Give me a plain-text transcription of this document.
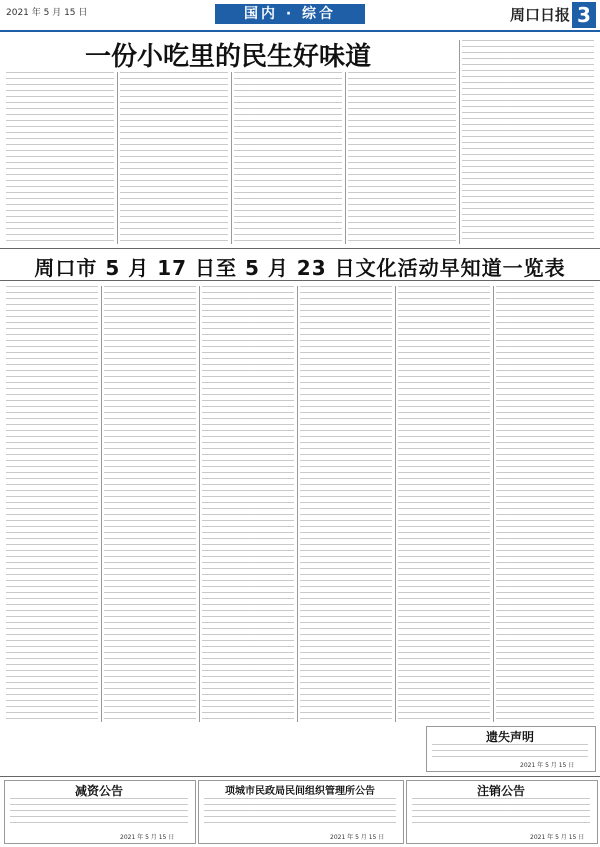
2021 年 5 月 15 日	国内 · 综合	周口日报 3
一份小吃里的民生好味道
周口市 5 月 17 日至 5 月 23 日文化活动早知道一览表
遗失声明
2021 年 5 月 15 日
减资公告
2021 年 5 月 15 日
项城市民政局民间组织管理所公告
2021 年 5 月 15 日
注销公告
2021 年 5 月 15 日
